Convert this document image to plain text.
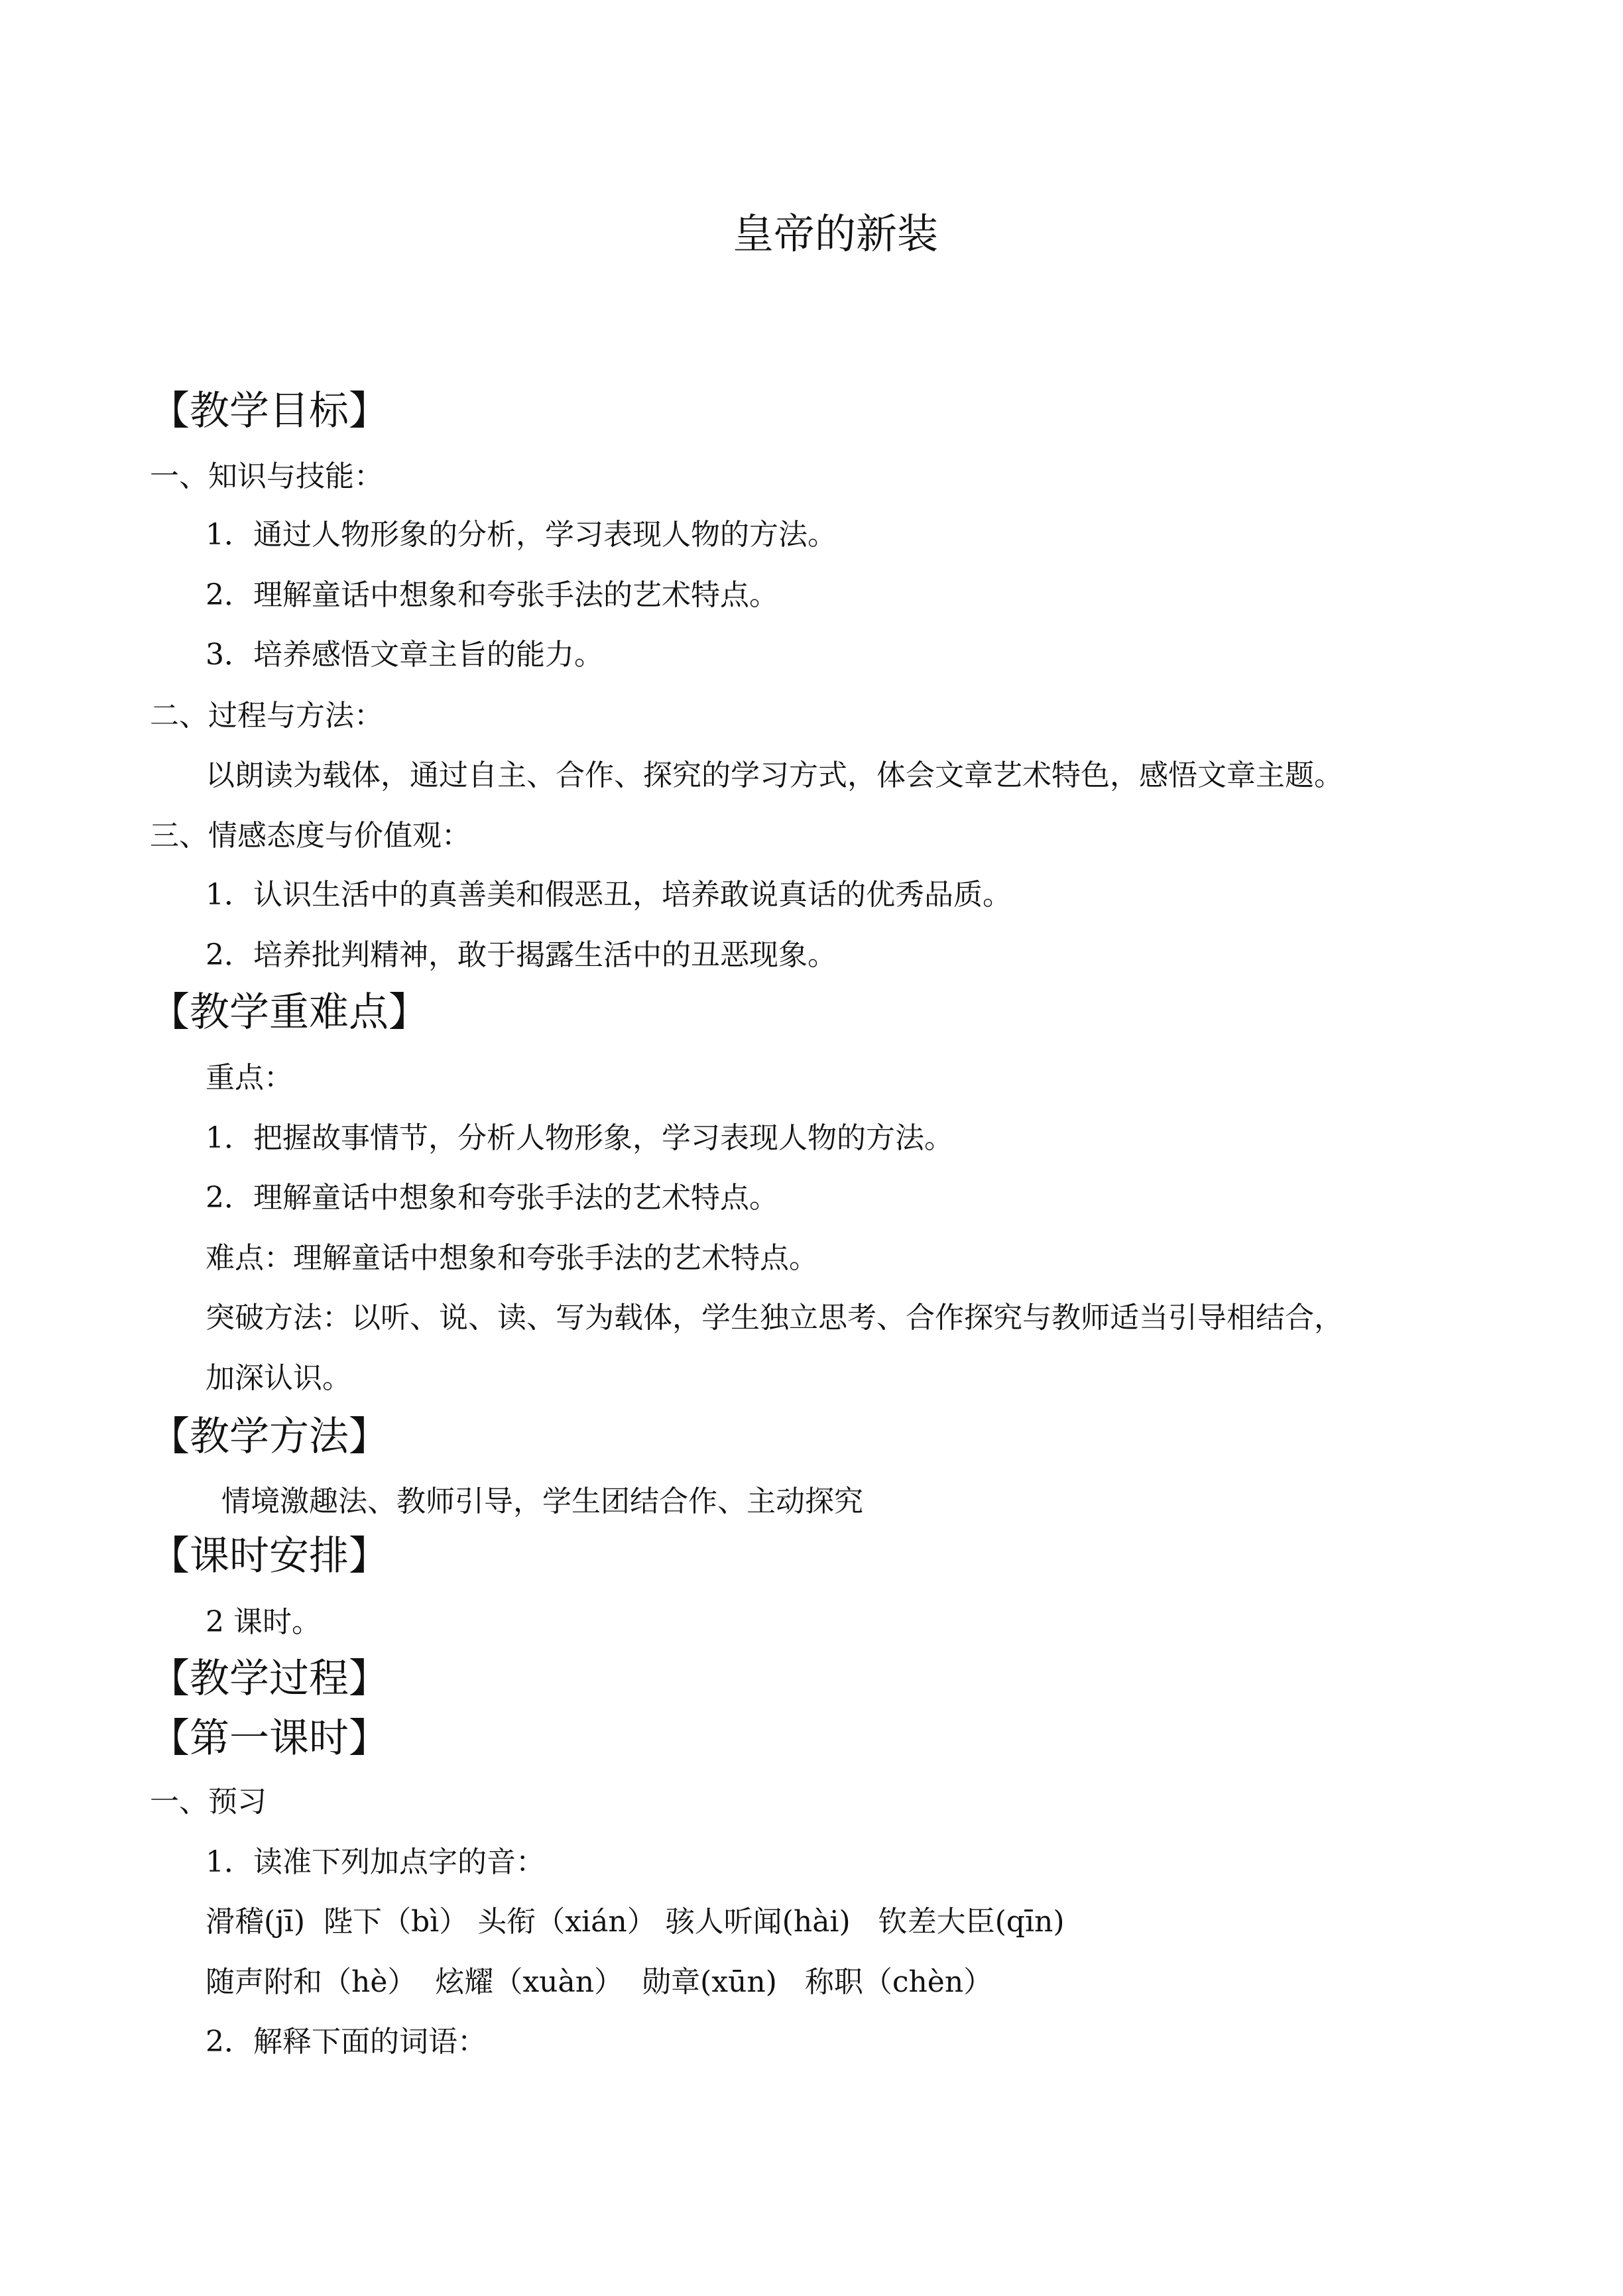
皇帝的新装
【教学目标】
一、知识与技能：
1．通过人物形象的分析，学习表现人物的方法。
2．理解童话中想象和夸张手法的艺术特点。
3．培养感悟文章主旨的能力。
二、过程与方法：
以朗读为载体，通过自主、合作、探究的学习方式，体会文章艺术特色，感悟文章主题。
三、情感态度与价值观：
1．认识生活中的真善美和假恶丑，培养敢说真话的优秀品质。
2．培养批判精神，敢于揭露生活中的丑恶现象。
【教学重难点】
重点：
1．把握故事情节，分析人物形象，学习表现人物的方法。
2．理解童话中想象和夸张手法的艺术特点。
难点：理解童话中想象和夸张手法的艺术特点。
突破方法：以听、说、读、写为载体，学生独立思考、合作探究与教师适当引导相结合，
加深认识。
【教学方法】
情境激趣法、教师引导，学生团结合作、主动探究
【课时安排】
2 课时。
【教学过程】
【第一课时】
一、预习
1．读准下列加点字的音：
滑稽(jī)  陛下（bì） 头衔（xián） 骇人听闻(hài)   钦差大臣(qīn)
随声附和（hè）  炫耀（xuàn）  勋章(xūn)   称职（chèn）
2．解释下面的词语：
